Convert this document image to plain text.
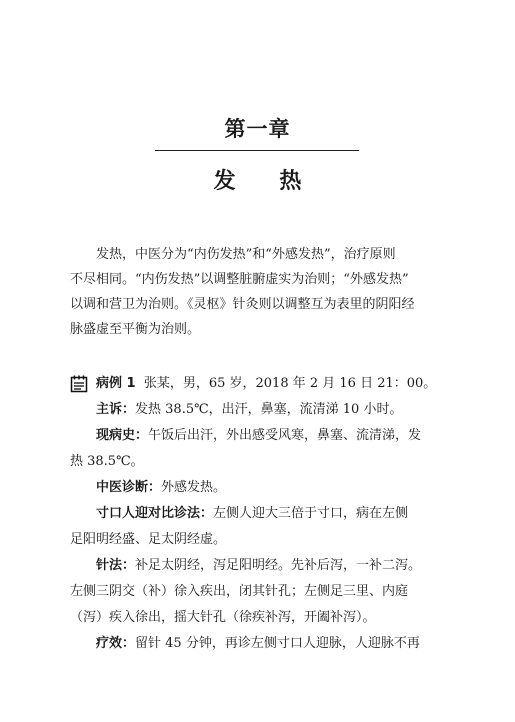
第一章
发 热
发热，中医分为“内伤发热”和“外感发热”，治疗原则
不尽相同。“内伤发热”以调整脏腑虚实为治则；“外感发热”
以调和营卫为治则。《灵枢》针灸则以调整互为表里的阴阳经
脉盛虚至平衡为治则。

病例 1
张某，男，65 岁，2018 年 2 月 16 日 21：00。

主诉：发热 38.5℃，出汗，鼻塞，流清涕 10 小时。

现病史：午饭后出汗，外出感受风寒，鼻塞、流清涕，发

热 38.5℃。

中医诊断：外感发热。

寸口人迎对比诊法：左侧人迎大三倍于寸口，病在左侧

足阳明经盛、足太阴经虚。

针法：补足太阴经，泻足阳明经。先补后泻，一补二泻。

左侧三阴交（补）徐入疾出，闭其针孔；左侧足三里、内庭

（泻）疾入徐出，摇大针孔（徐疾补泻，开阖补泻）。

疗效：留针 45 分钟，再诊左侧寸口人迎脉，人迎脉不再
